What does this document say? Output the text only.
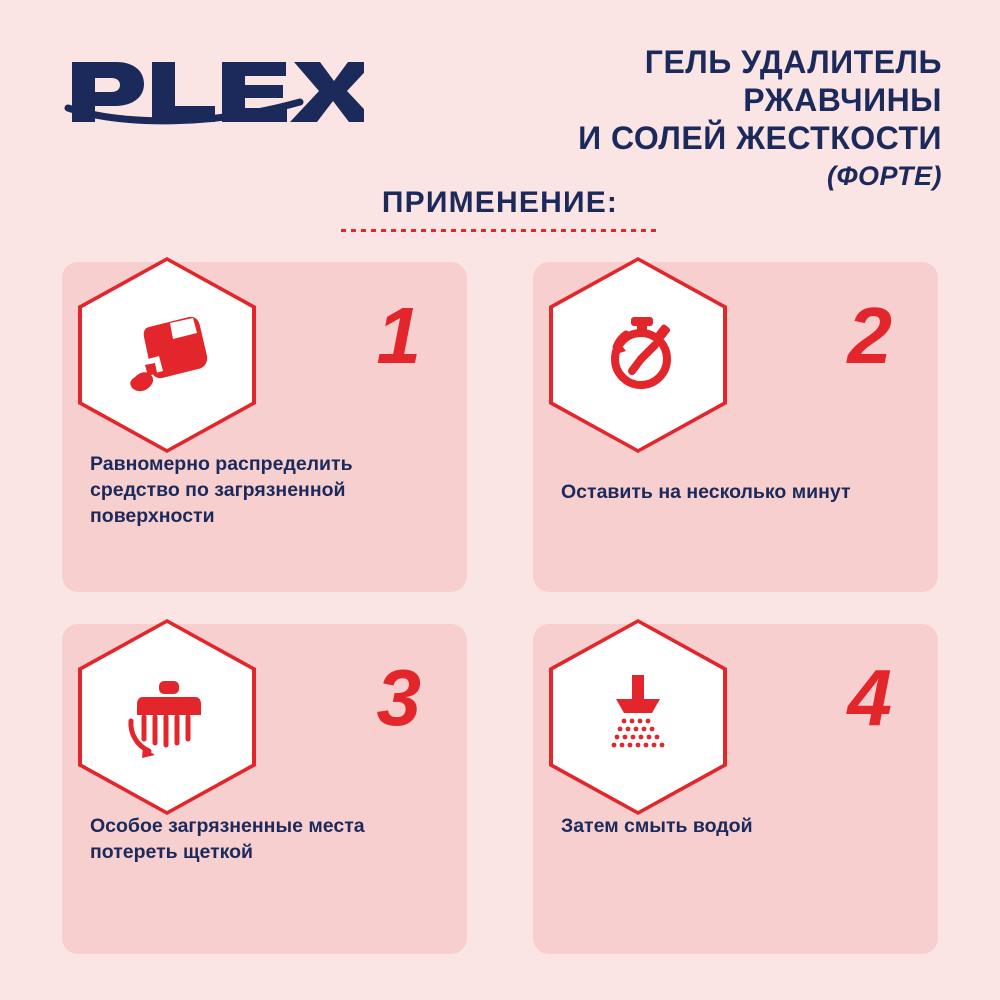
®	ГЕЛЬ УДАЛИТЕЛЬ
РЖАВЧИНЫ
И СОЛЕЙ ЖЕСТКОСТИ
(ФОРТЕ)
ПРИМЕНЕНИЕ:
1
Равномерно распределить средство по загрязненной поверхности
2
Оставить на несколько минут
3
Особое загрязненные места потереть щеткой
4
Затем смыть водой
